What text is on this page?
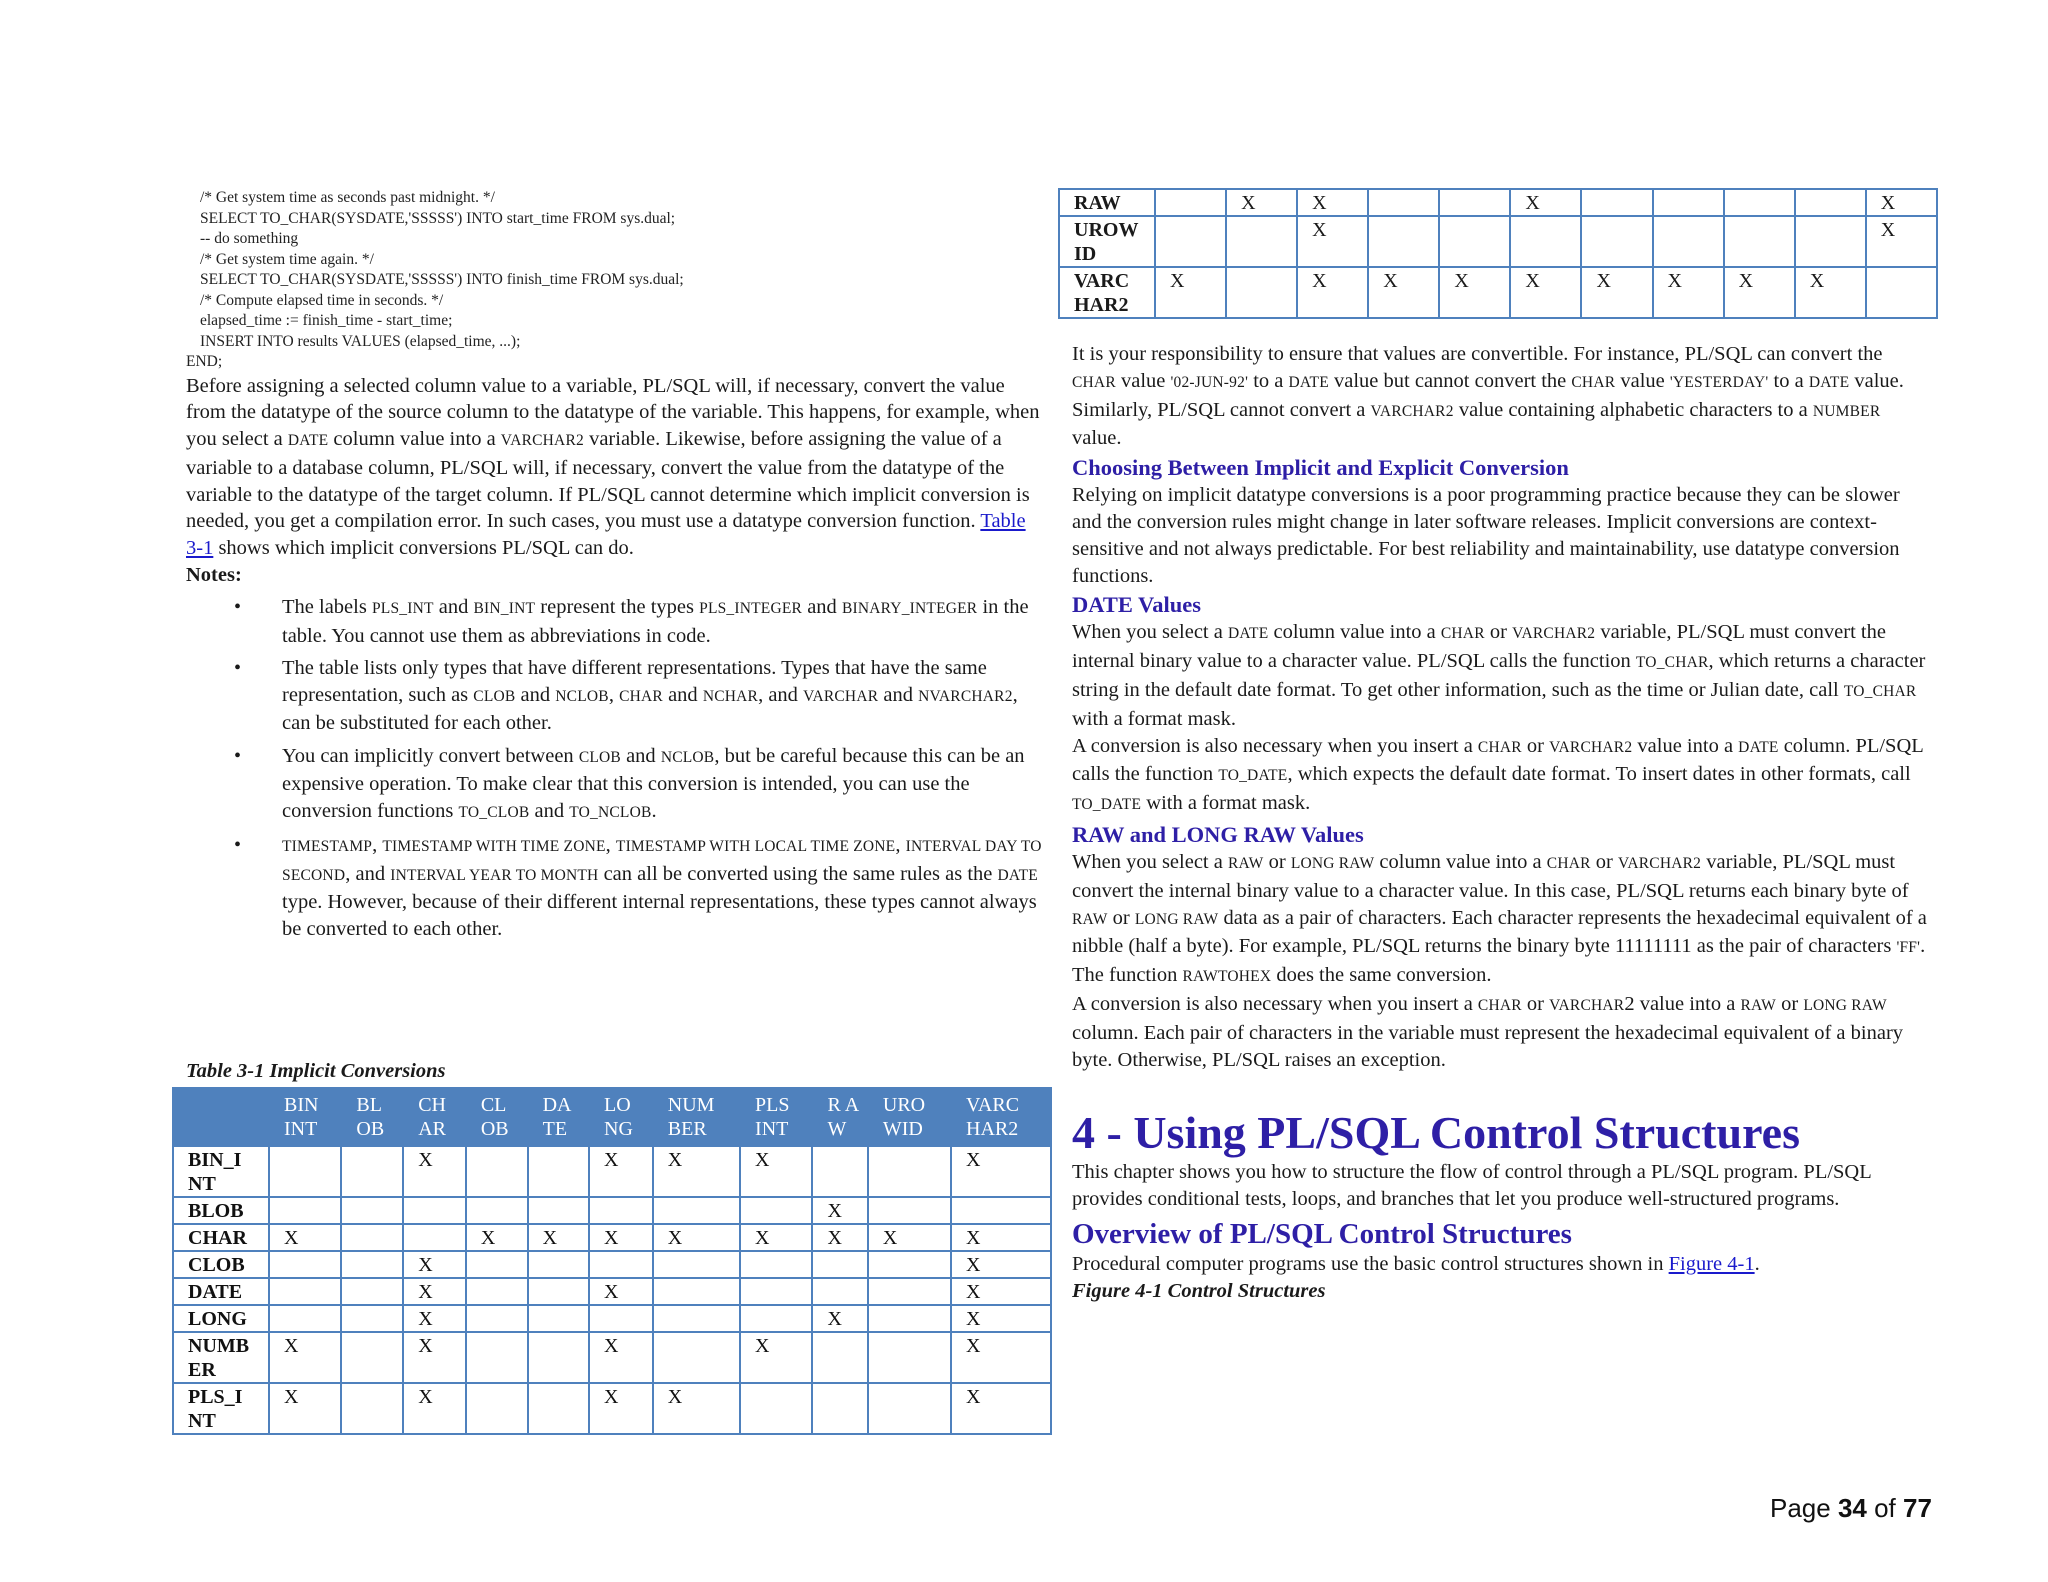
/* Get system time as seconds past midnight. */
SELECT TO_CHAR(SYSDATE,'SSSSS') INTO start_time FROM sys.dual;
-- do something
/* Get system time again. */
SELECT TO_CHAR(SYSDATE,'SSSSS') INTO finish_time FROM sys.dual;
/* Compute elapsed time in seconds. */
elapsed_time := finish_time - start_time;
INSERT INTO results VALUES (elapsed_time, ...);
END;

Before assigning a selected column value to a variable, PL/SQL will, if necessary, convert the value from the datatype of the source column to the datatype of the variable. This happens, for example, when you select a DATE column value into a VARCHAR2 variable. Likewise, before assigning the value of a variable to a database column, PL/SQL will, if necessary, convert the value from the datatype of the variable to the datatype of the target column. If PL/SQL cannot determine which implicit conversion is needed, you get a compilation error. In such cases, you must use a datatype conversion function. Table 3-1 shows which implicit conversions PL/SQL can do.

Notes:
• The labels PLS_INT and BIN_INT represent the types PLS_INTEGER and BINARY_INTEGER in the table. You cannot use them as abbreviations in code.
• The table lists only types that have different representations. Types that have the same representation, such as CLOB and NCLOB, CHAR and NCHAR, and VARCHAR and NVARCHAR2, can be substituted for each other.
• You can implicitly convert between CLOB and NCLOB, but be careful because this can be an expensive operation. To make clear that this conversion is intended, you can use the conversion functions TO_CLOB and TO_NCLOB.
•	TIMESTAMP, TIMESTAMP WITH TIME ZONE, TIMESTAMP WITH LOCAL TIME ZONE, INTERVAL DAY TO SECOND, and INTERVAL YEAR TO MONTH can all be converted using the same rules as the DATE type. However, because of their different internal representations, these types cannot always be converted to each other.
Table 3-1 Implicit Conversions
	BIN INT	BL OB	CH AR	CL OB	DA TE	LO NG	NUM BER	PLS INT	R A W	URO WID	VARC HAR2
BIN_I NT			X			X	X	X			X
BLOB									X		
CHAR	X			X	X	X	X	X	X	X	X
CLOB			X								X
DATE			X			X					X
LONG			X						X		X
NUMB ER	X		X			X		X			X
PLS_I NT	X		X			X	X				X
RAW		X	X			X					X
UROW ID			X								X
VARC HAR2	X		X	X	X	X	X	X	X	X	

It is your responsibility to ensure that values are convertible. For instance, PL/SQL can convert the CHAR value '02-JUN-92' to a DATE value but cannot convert the CHAR value 'YESTERDAY' to a DATE value. Similarly, PL/SQL cannot convert a VARCHAR2 value containing alphabetic characters to a NUMBER value.

Choosing Between Implicit and Explicit Conversion

Relying on implicit datatype conversions is a poor programming practice because they can be slower and the conversion rules might change in later software releases. Implicit conversions are context-sensitive and not always predictable. For best reliability and maintainability, use datatype conversion functions.

DATE Values

When you select a DATE column value into a CHAR or VARCHAR2 variable, PL/SQL must convert the internal binary value to a character value. PL/SQL calls the function TO_CHAR, which returns a character string in the default date format. To get other information, such as the time or Julian date, call TO_CHAR with a format mask.

A conversion is also necessary when you insert a CHAR or VARCHAR2 value into a DATE column. PL/SQL calls the function TO_DATE, which expects the default date format. To insert dates in other formats, call TO_DATE with a format mask.

RAW and LONG RAW Values

When you select a RAW or LONG RAW column value into a CHAR or VARCHAR2 variable, PL/SQL must convert the internal binary value to a character value. In this case, PL/SQL returns each binary byte of RAW or LONG RAW data as a pair of characters. Each character represents the hexadecimal equivalent of a nibble (half a byte). For example, PL/SQL returns the binary byte 11111111 as the pair of characters 'FF'. The function RAWTOHEX does the same conversion.

A conversion is also necessary when you insert a CHAR or VARCHAR2 value into a RAW or LONG RAW column. Each pair of characters in the variable must represent the hexadecimal equivalent of a binary byte. Otherwise, PL/SQL raises an exception.

4 - Using PL/SQL Control Structures

This chapter shows you how to structure the flow of control through a PL/SQL program. PL/SQL provides conditional tests, loops, and branches that let you produce well-structured programs.

Overview of PL/SQL Control Structures

Procedural computer programs use the basic control structures shown in Figure 4-1.

Figure 4-1 Control Structures
Page 34 of 77
